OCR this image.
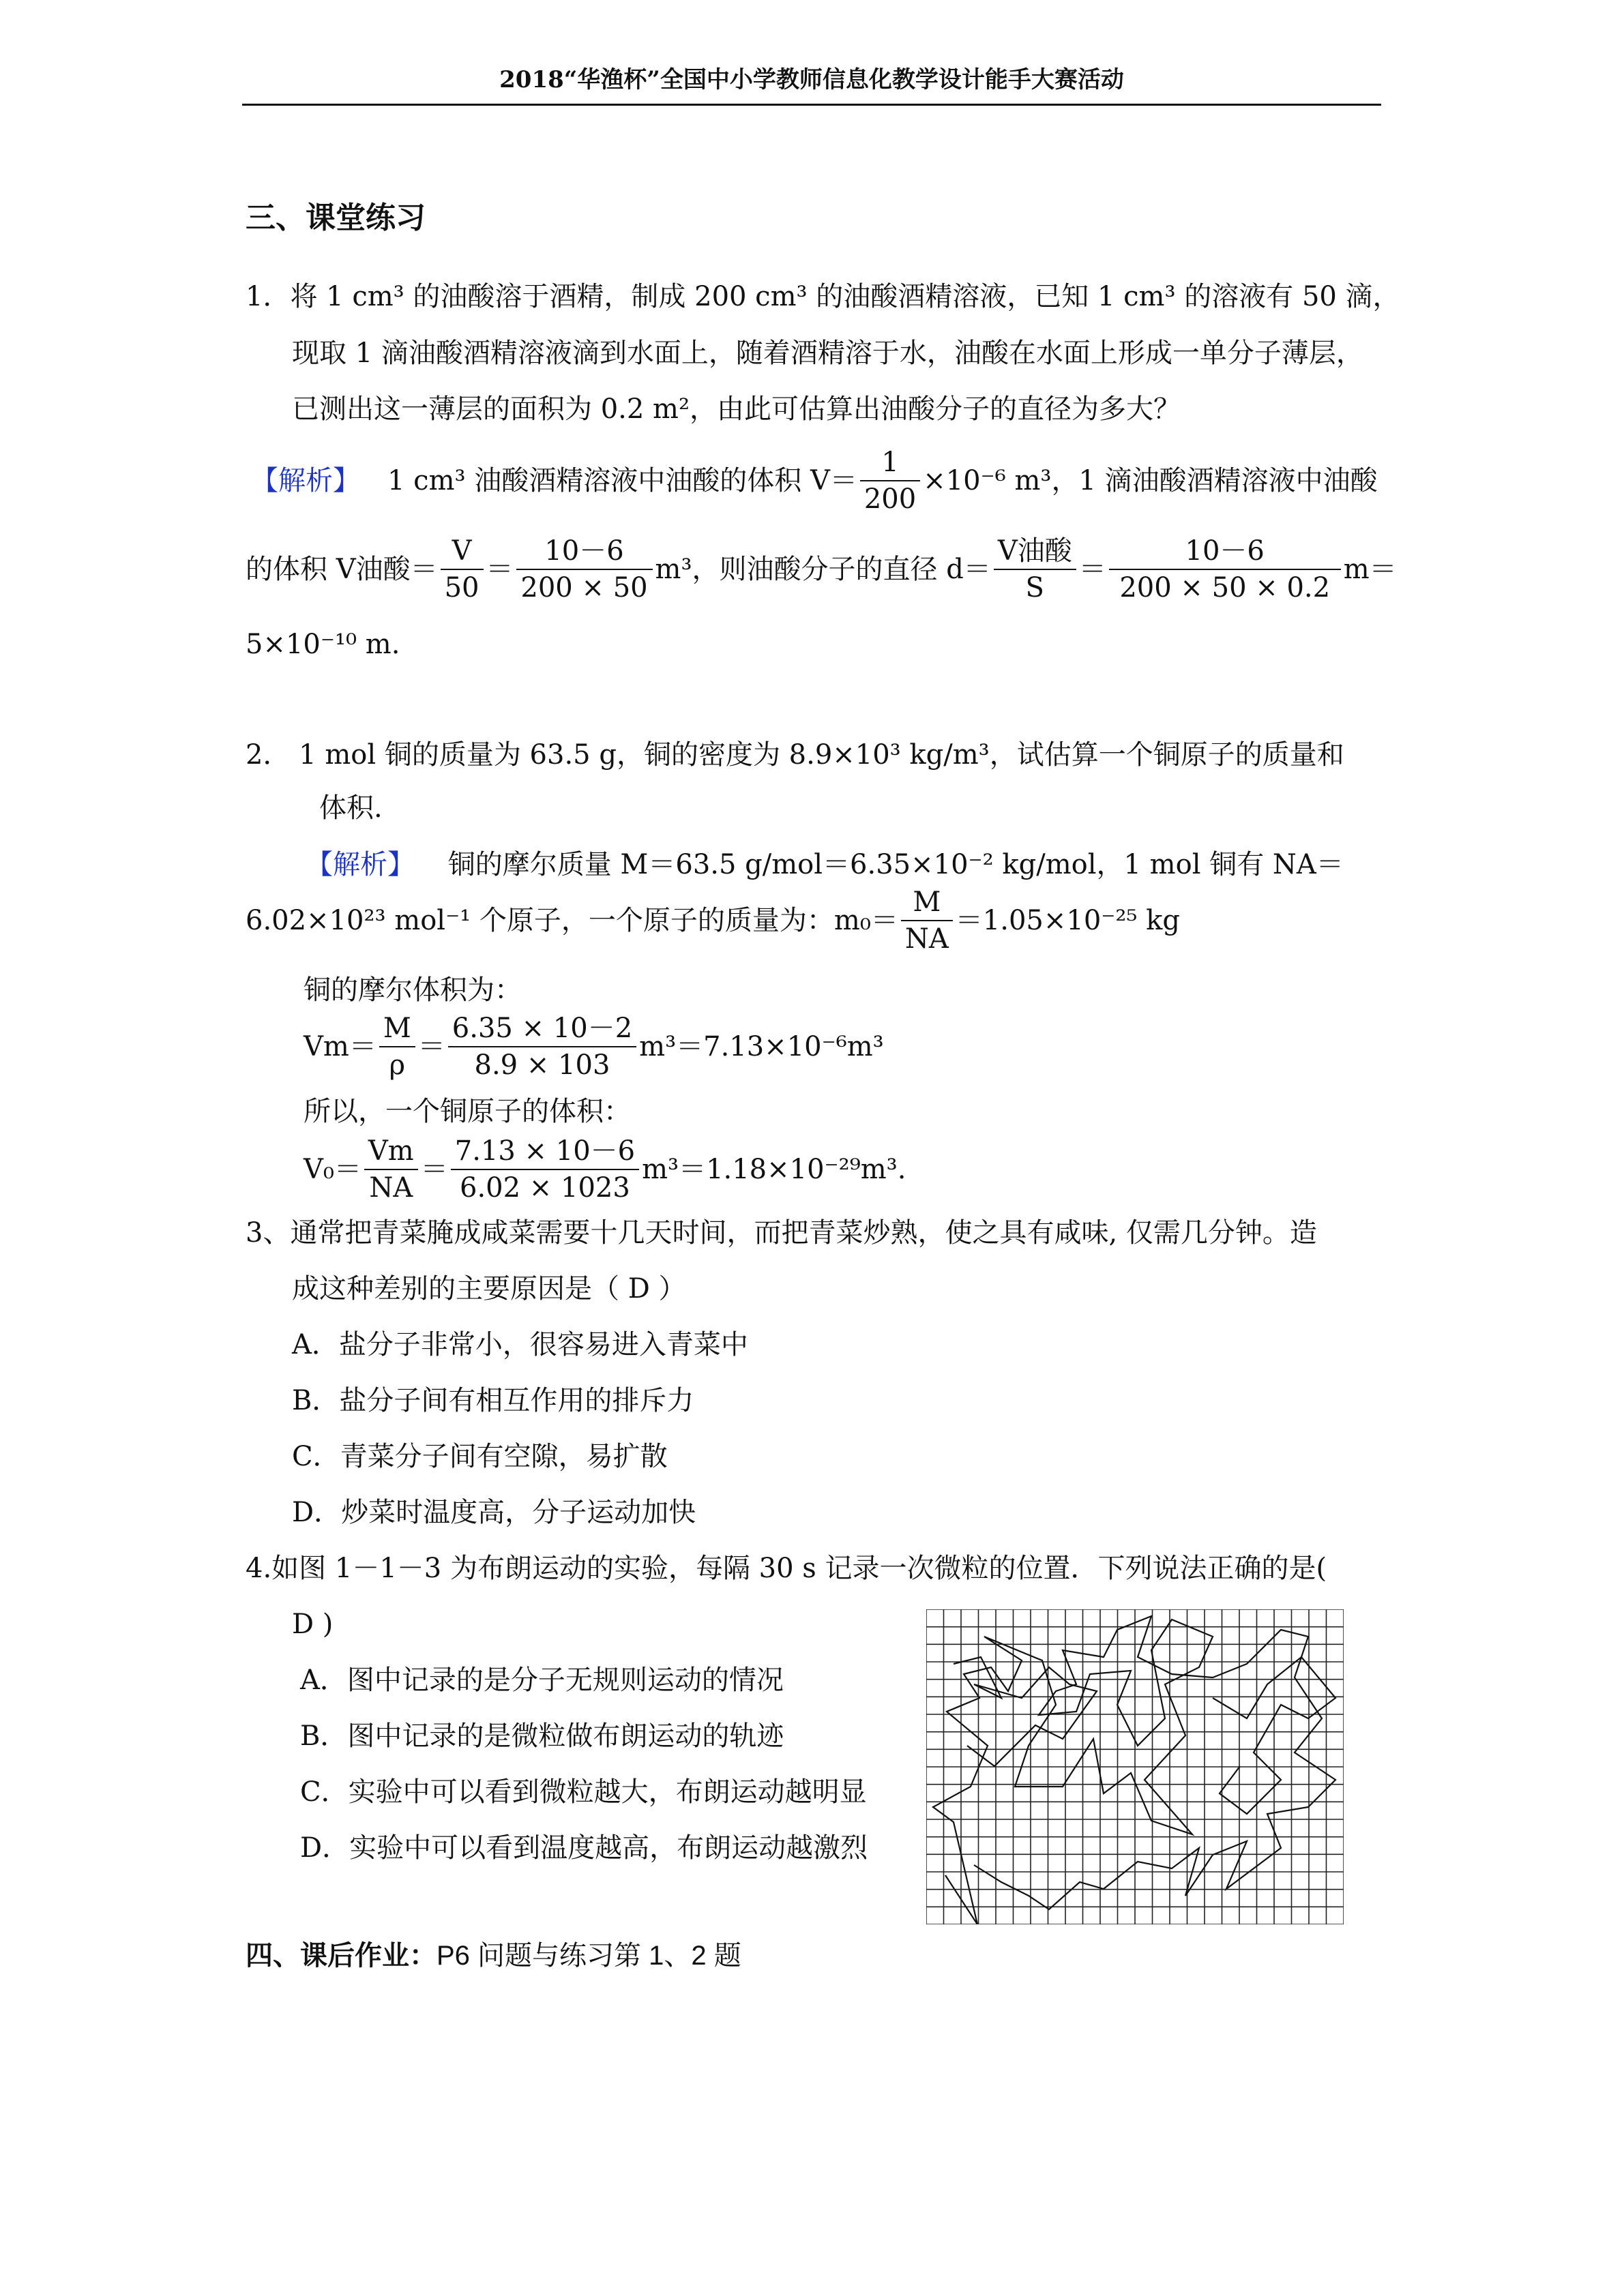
2018“华渔杯”全国中小学教师信息化教学设计能手大赛活动
三、课堂练习
1．将 1 cm³ 的油酸溶于酒精，制成 200 cm³ 的油酸酒精溶液，已知 1 cm³ 的溶液有 50 滴，
现取 1 滴油酸酒精溶液滴到水面上，随着酒精溶于水，油酸在水面上形成一单分子薄层，
已测出这一薄层的面积为 0.2 m²，由此可估算出油酸分子的直径为多大？
【解析】 1 cm³ 油酸酒精溶液中油酸的体积 $V= \frac{1}{200} \times 10^{-6}$ m³，1 滴油酸酒精溶液中油酸
的体积 V油酸＝ $\frac{V}{50} = \frac{10-6}{200 \times 50} m^3$，则油酸分子的直径 $d= \frac{\text{V油酸}}{S} = \frac{10-6}{200 \times 50 \times 0.2} m=$
5×10⁻¹⁰ m.
2． 1 mol 铜的质量为 63.5 g，铜的密度为 8.9×10³ kg/m³，试估算一个铜原子的质量和
体积.
【解析】 铜的摩尔质量 M＝63.5 g/mol＝6.35×10⁻² kg/mol，1 mol 铜有 NA＝
6.02×10²³ mol⁻¹ 个原子，一个原子的质量为：$m_0= \frac{M}{NA} =1.05\times 10^{-25}$ kg
铜的摩尔体积为：
$Vm= \frac{M}{\rho} = \frac{6.35 \times 10-2}{8.9 \times 103} m^3=7.13\times 10^{-6}m^3$
所以，一个铜原子的体积：
$V_0= \frac{Vm}{NA} = \frac{7.13 \times 10-6}{6.02 \times 1023} m^3=1.18\times 10^{-29}m^3$.
3、通常把青菜腌成咸菜需要十几天时间，而把青菜炒熟，使之具有咸味, 仅需几分钟。造
成这种差别的主要原因是（ D ）
A．盐分子非常小，很容易进入青菜中
B．盐分子间有相互作用的排斥力
C．青菜分子间有空隙，易扩散
D．炒菜时温度高，分子运动加快
4.如图 1－1－3 为布朗运动的实验，每隔 30 s 记录一次微粒的位置．下列说法正确的是(
D )
A．图中记录的是分子无规则运动的情况
B．图中记录的是微粒做布朗运动的轨迹
C．实验中可以看到微粒越大，布朗运动越明显
D．实验中可以看到温度越高，布朗运动越激烈
四、课后作业：P6 问题与练习第 1、2 题
